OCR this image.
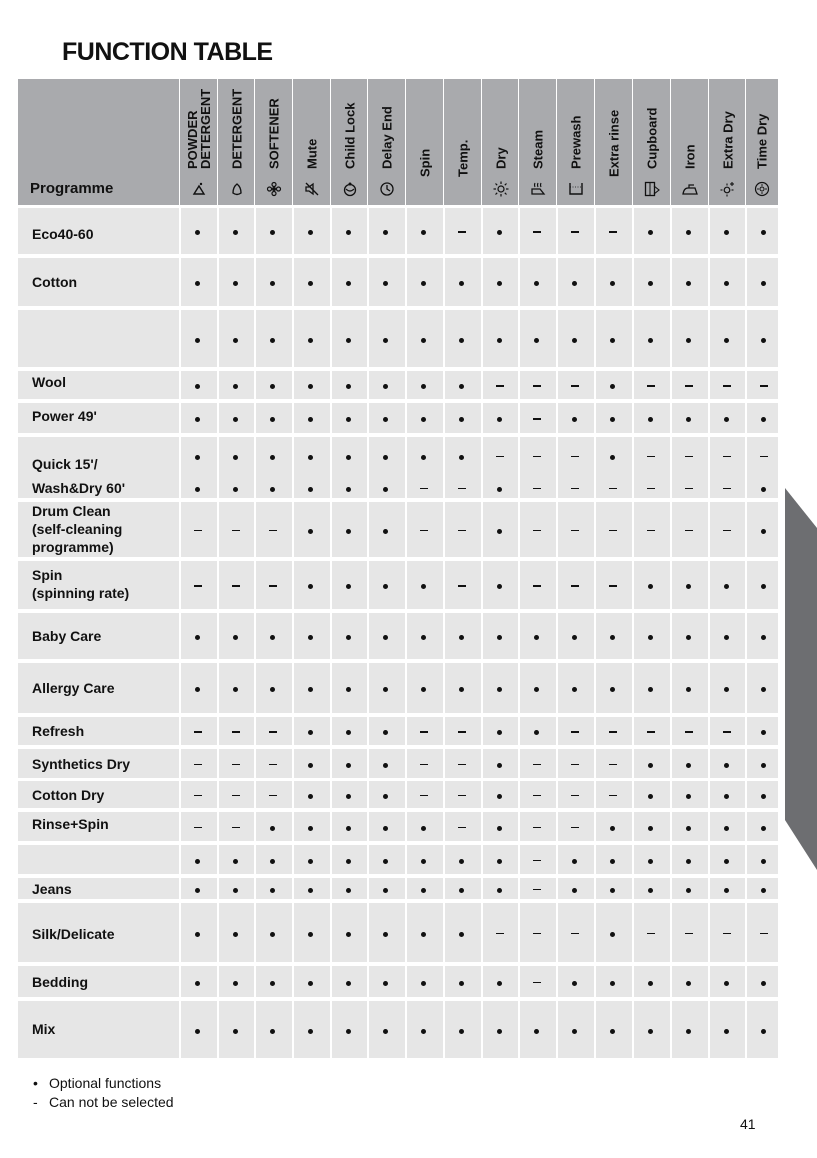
FUNCTION TABLE
Programme
POWDER
DETERGENT DETERGENT SOFTENER Mute Child Lock Delay End Spin Temp. Dry Steam Prewash Extra rinse Cupboard Iron Extra Dry Time Dry
Eco40-60
Cotton
Wool
Power 49'
Quick 15'/
Wash&Dry 60'
Drum Clean
(self-cleaning
programme)
Spin
(spinning rate)
Baby Care
Allergy Care
Refresh
Synthetics Dry
Cotton Dry
Rinse+Spin
Jeans
Silk/Delicate
Bedding
Mix
• Optional functions
- Can not be selected
41
